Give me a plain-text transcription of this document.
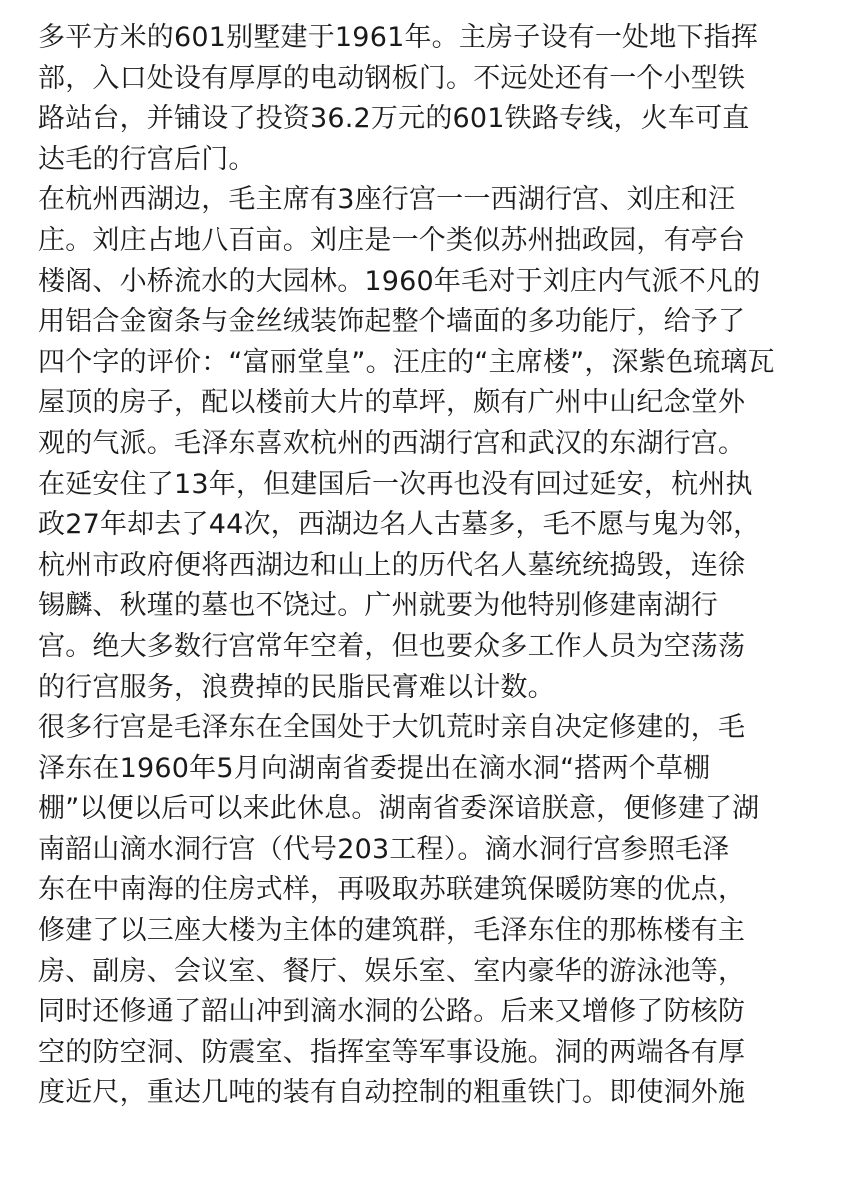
多平方米的601别墅建于1961年。主房子设有一处地下指挥
部，入口处设有厚厚的电动钢板门。不远处还有一个小型铁
路站台，并铺设了投资36.2万元的601铁路专线，火车可直
达毛的行宫后门。
在杭州西湖边，毛主席有3座行宫一一西湖行宫、刘庄和汪
庄。刘庄占地八百亩。刘庄是一个类似苏州拙政园，有亭台
楼阁、小桥流水的大园林。1960年毛对于刘庄内气派不凡的
用铝合金窗条与金丝绒装饰起整个墙面的多功能厅，给予了
四个字的评价：“富丽堂皇”。汪庄的“主席楼”，深紫色琉璃瓦
屋顶的房子，配以楼前大片的草坪，颇有广州中山纪念堂外
观的气派。毛泽东喜欢杭州的西湖行宫和武汉的东湖行宫。
在延安住了13年，但建国后一次再也没有回过延安，杭州执
政27年却去了44次，西湖边名人古墓多，毛不愿与鬼为邻，
杭州市政府便将西湖边和山上的历代名人墓统统捣毁，连徐
锡麟、秋瑾的墓也不饶过。广州就要为他特别修建南湖行
宫。绝大多数行宫常年空着，但也要众多工作人员为空荡荡
的行宫服务，浪费掉的民脂民膏难以计数。
很多行宫是毛泽东在全国处于大饥荒时亲自决定修建的，毛
泽东在1960年5月向湖南省委提出在滴水洞“搭两个草棚
棚”以便以后可以来此休息。湖南省委深谙朕意，便修建了湖
南韶山滴水洞行宫（代号203工程）。滴水洞行宫参照毛泽
东在中南海的住房式样，再吸取苏联建筑保暖防寒的优点，
修建了以三座大楼为主体的建筑群，毛泽东住的那栋楼有主
房、副房、会议室、餐厅、娱乐室、室内豪华的游泳池等，
同时还修通了韶山冲到滴水洞的公路。后来又增修了防核防
空的防空洞、防震室、指挥室等军事设施。洞的两端各有厚
度近尺，重达几吨的装有自动控制的粗重铁门。即使洞外施
